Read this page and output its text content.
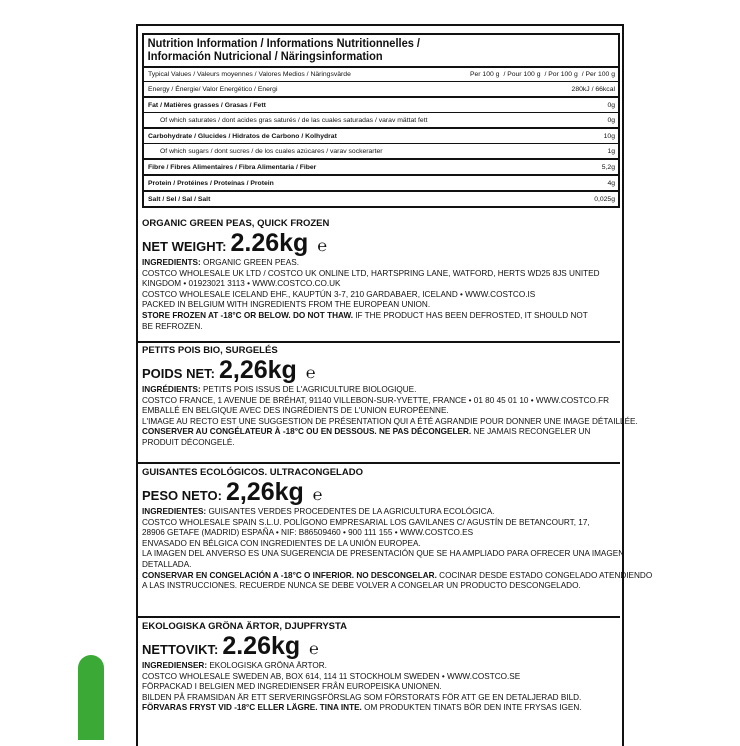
Nutrition Information / Informations Nutritionnelles /
Información Nutricional / Näringsinformation
Typical Values / Valeurs moyennes / Valores Medios / Näringsvärde	Per 100 g / Pour 100 g / Por 100 g / Per 100 g
Energy / Énergie/ Valor Energético / Energi	280kJ / 66kcal
Fat / Matières grasses / Grasas / Fett	0g
Of which saturates / dont acides gras saturés / de las cuales saturadas / varav mättat fett	0g
Carbohydrate / Glucides / Hidratos de Carbono / Kolhydrat	10g
Of which sugars / dont sucres / de los cuales azúcares / varav sockerarter	1g
Fibre / Fibres Alimentaires / Fibra Alimentaria / Fiber	5,2g
Protein / Protéines / Proteínas / Protein	4g
Salt / Sel / Sal / Salt	0,025g
ORGANIC GREEN PEAS, QUICK FROZEN
NET WEIGHT: 2.26kg ℮
INGREDIENTS: ORGANIC GREEN PEAS.
COSTCO WHOLESALE UK LTD / COSTCO UK ONLINE LTD, HARTSPRING LANE, WATFORD, HERTS WD25 8JS UNITED
KINGDOM • 01923021 3113 • WWW.COSTCO.CO.UK
COSTCO WHOLESALE ICELAND EHF., KAUPTÚN 3-7, 210 GARDABAER, ICELAND • WWW.COSTCO.IS
PACKED IN BELGIUM WITH INGREDIENTS FROM THE EUROPEAN UNION.
STORE FROZEN AT -18°C OR BELOW. DO NOT THAW. IF THE PRODUCT HAS BEEN DEFROSTED, IT SHOULD NOT
BE REFROZEN.
PETITS POIS BIO, SURGELÉS
POIDS NET: 2,26kg ℮
INGRÉDIENTS: PETITS POIS ISSUS DE L'AGRICULTURE BIOLOGIQUE.
COSTCO FRANCE, 1 AVENUE DE BRÉHAT, 91140 VILLEBON-SUR-YVETTE, FRANCE • 01 80 45 01 10 • WWW.COSTCO.FR
EMBALLÉ EN BELGIQUE AVEC DES INGRÉDIENTS DE L'UNION EUROPÉENNE.
L'IMAGE AU RECTO EST UNE SUGGESTION DE PRÉSENTATION QUI A ÉTÉ AGRANDIE POUR DONNER UNE IMAGE DÉTAILLÉE.
CONSERVER AU CONGÉLATEUR À -18°C OU EN DESSOUS. NE PAS DÉCONGELER. NE JAMAIS RECONGELER UN
PRODUIT DÉCONGELÉ.
GUISANTES ECOLÓGICOS. ULTRACONGELADO
PESO NETO: 2,26kg ℮
INGREDIENTES: GUISANTES VERDES PROCEDENTES DE LA AGRICULTURA ECOLÓGICA.
COSTCO WHOLESALE SPAIN S.L.U. POLÍGONO EMPRESARIAL LOS GAVILANES C/ AGUSTÍN DE BETANCOURT, 17,
28906 GETAFE (MADRID) ESPAÑA • NIF: B86509460 • 900 111 155 • WWW.COSTCO.ES
ENVASADO EN BÉLGICA CON INGREDIENTES DE LA UNIÓN EUROPEA.
LA IMAGEN DEL ANVERSO ES UNA SUGERENCIA DE PRESENTACIÓN QUE SE HA AMPLIADO PARA OFRECER UNA IMAGEN
DETALLADA.
CONSERVAR EN CONGELACIÓN A -18°C O INFERIOR. NO DESCONGELAR. COCINAR DESDE ESTADO CONGELADO ATENDIENDO
A LAS INSTRUCCIONES. RECUERDE NUNCA SE DEBE VOLVER A CONGELAR UN PRODUCTO DESCONGELADO.
EKOLOGISKA GRÖNA ÄRTOR, DJUPFRYSTA
NETTOVIKT: 2.26kg ℮
INGREDIENSER: EKOLOGISKA GRÖNA ÄRTOR.
COSTCO WHOLESALE SWEDEN AB, BOX 614, 114 11 STOCKHOLM SWEDEN • WWW.COSTCO.SE
FÖRPACKAD I BELGIEN MED INGREDIENSER FRÅN EUROPEISKA UNIONEN.
BILDEN PÅ FRAMSIDAN ÄR ETT SERVERINGSFÖRSLAG SOM FÖRSTORATS FÖR ATT GE EN DETALJERAD BILD.
FÖRVARAS FRYST VID -18°C ELLER LÄGRE. TINA INTE. OM PRODUKTEN TINATS BÖR DEN INTE FRYSAS IGEN.
